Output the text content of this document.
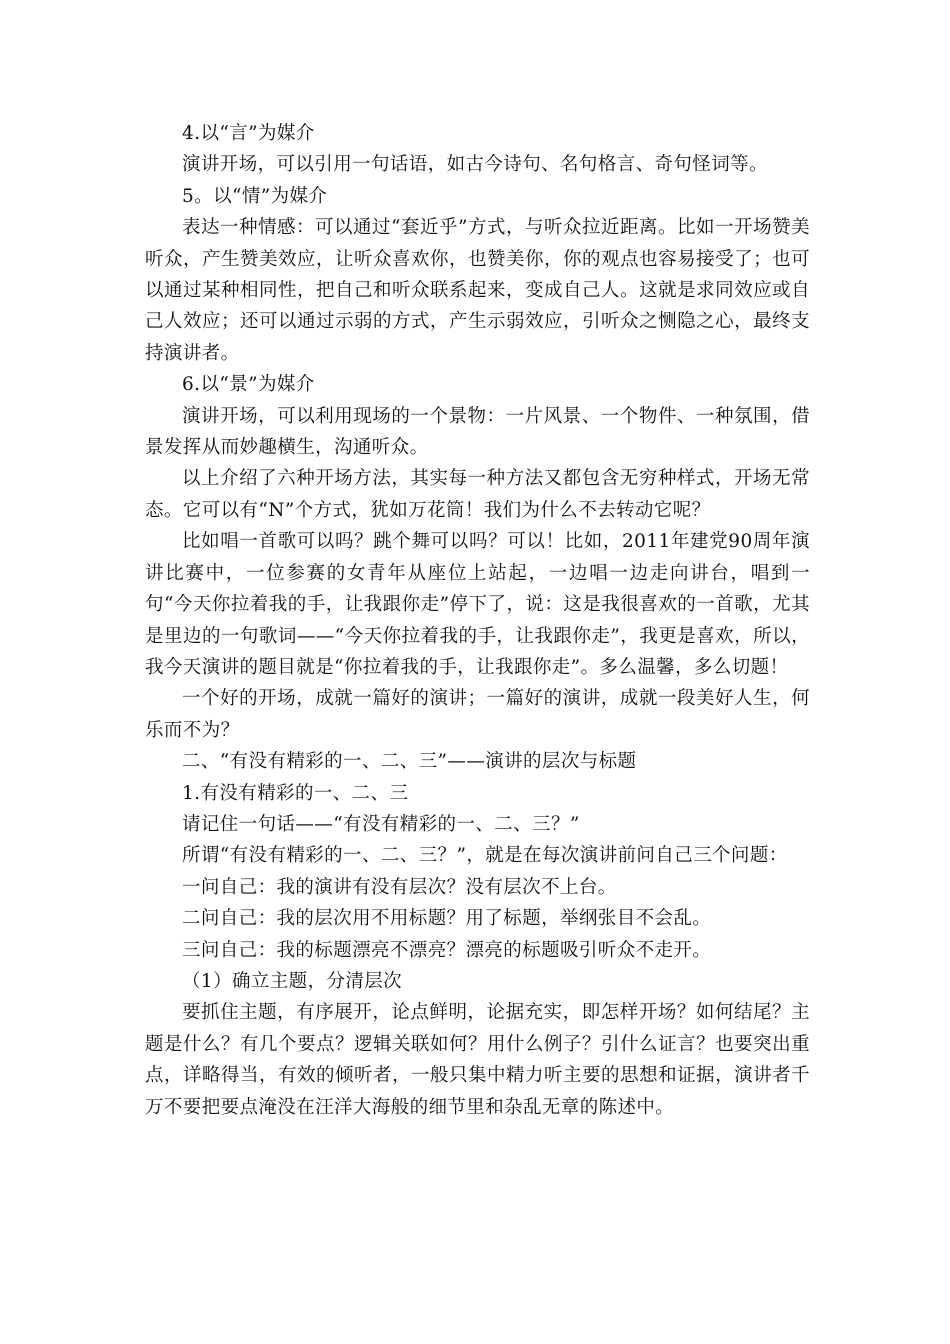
4.以“言”为媒介

演讲开场，可以引用一句话语，如古今诗句、名句格言、奇句怪词等。

5。以“情”为媒介

表达一种情感：可以通过“套近乎”方式，与听众拉近距离。比如一开场赞美听众，产生赞美效应，让听众喜欢你，也赞美你，你的观点也容易接受了；也可以通过某种相同性，把自己和听众联系起来，变成自己人。这就是求同效应或自己人效应；还可以通过示弱的方式，产生示弱效应，引听众之恻隐之心，最终支持演讲者。

6.以“景”为媒介

演讲开场，可以利用现场的一个景物：一片风景、一个物件、一种氛围，借景发挥从而妙趣横生，沟通听众。

以上介绍了六种开场方法，其实每一种方法又都包含无穷种样式，开场无常态。它可以有“N”个方式，犹如万花筒！我们为什么不去转动它呢？

比如唱一首歌可以吗？跳个舞可以吗？可以！比如，2011年建党90周年演讲比赛中，一位参赛的女青年从座位上站起，一边唱一边走向讲台，唱到一句“今天你拉着我的手，让我跟你走”停下了，说：这是我很喜欢的一首歌，尤其是里边的一句歌词——“今天你拉着我的手，让我跟你走”，我更是喜欢，所以，我今天演讲的题目就是“你拉着我的手，让我跟你走”。多么温馨，多么切题！

一个好的开场，成就一篇好的演讲；一篇好的演讲，成就一段美好人生，何乐而不为？

二、“有没有精彩的一、二、三”——演讲的层次与标题

1.有没有精彩的一、二、三

请记住一句话——“有没有精彩的一、二、三？”

所谓“有没有精彩的一、二、三？”，就是在每次演讲前问自己三个问题：

一问自己：我的演讲有没有层次？没有层次不上台。

二问自己：我的层次用不用标题？用了标题，举纲张目不会乱。

三问自己：我的标题漂亮不漂亮？漂亮的标题吸引听众不走开。

（1）确立主题，分清层次

要抓住主题，有序展开，论点鲜明，论据充实，即怎样开场？如何结尾？主题是什么？有几个要点？逻辑关联如何？用什么例子？引什么证言？也要突出重点，详略得当，有效的倾听者，一般只集中精力听主要的思想和证据，演讲者千万不要把要点淹没在汪洋大海般的细节里和杂乱无章的陈述中。
